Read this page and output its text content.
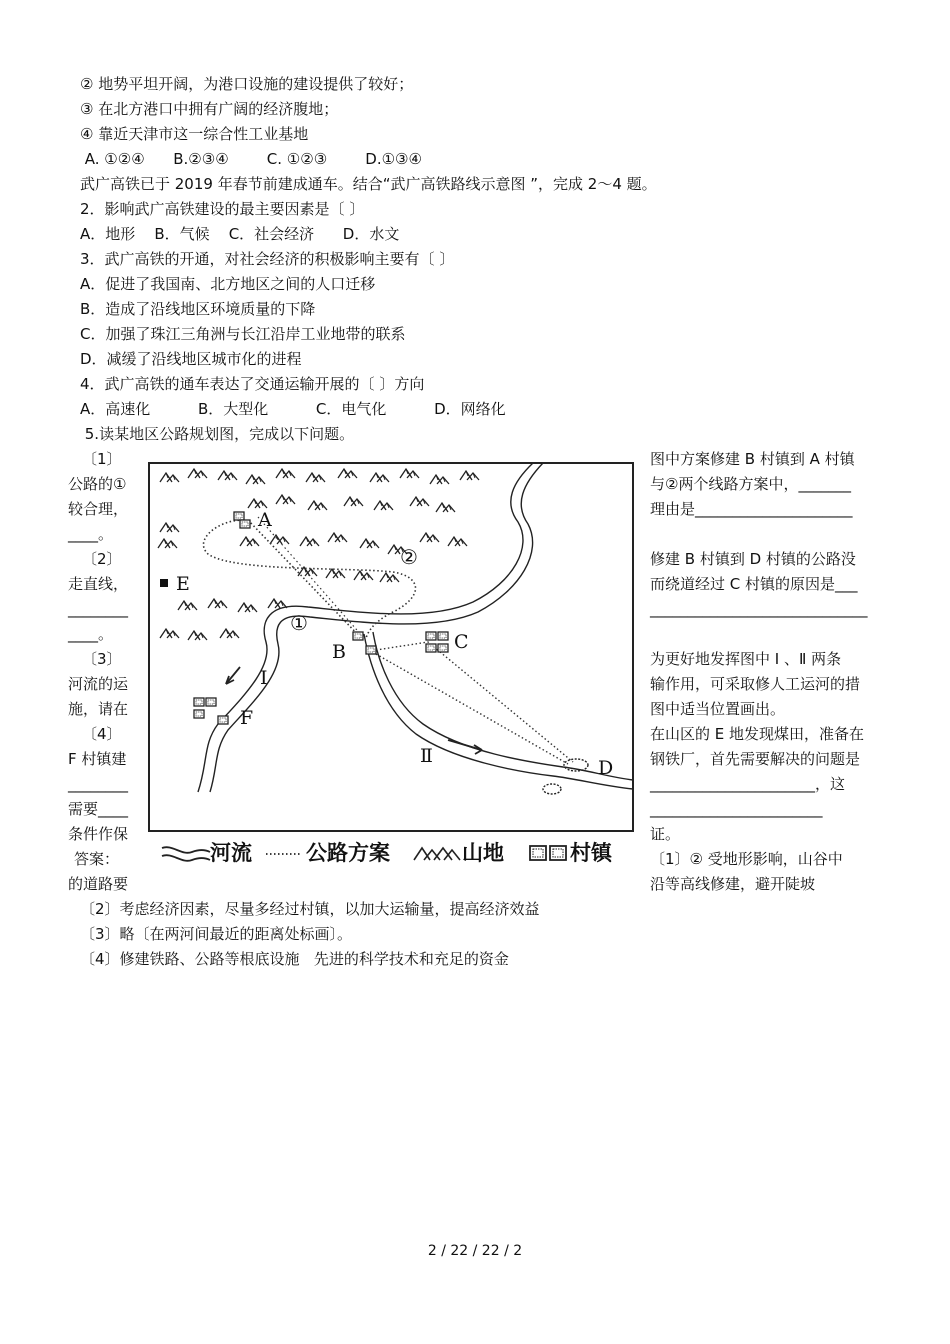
② 地势平坦开阔，为港口设施的建设提供了较好；
③ 在北方港口中拥有广阔的经济腹地；
④ 靠近天津市这一综合性工业基地
A. ①②④      B.②③④        C. ①②③        D.①③④
武广高铁已于 2019 年春节前建成通车。结合“武广高铁路线示意图 ”，完成 2～4 题。
2．影响武广高铁建设的最主要因素是〔 〕
A．地形    B．气候    C．社会经济      D．水文
3．武广高铁的开通，对社会经济的积极影响主要有〔 〕
A．促进了我国南、北方地区之间的人口迁移
B．造成了沿线地区环境质量的下降
C．加强了珠江三角洲与长江沿岸工业地带的联系
D．减缓了沿线地区城市化的进程
4．武广高铁的通车表达了交通运输开展的〔 〕方向
A．高速化          B．大型化          C．电气化          D．网络化
5.读某地区公路规划图，完成以下问题。
〔1〕
公路的①
较合理，
____。
〔2〕
走直线，
________
____。
〔3〕
河流的运
施，请在
〔4〕
F 村镇建
________
需要____
条件作保
答案：
的道路要
图中方案修建 B 村镇到 A 村镇
与②两个线路方案中，_______
理由是_____________________
修建 B 村镇到 D 村镇的公路没
而绕道经过 C 村镇的原因是___
_____________________________
为更好地发挥图中 Ⅰ 、Ⅱ 两条
输作用，可采取修人工运河的措
图中适当位置画出。
在山区的 E 地发现煤田，准备在
钢铁厂，首先需要解决的问题是
______________________，这
_______________________
证。
〔1〕② 受地形影响，山谷中
沿等高线修建，避开陡坡
〔2〕考虑经济因素，尽量多经过村镇，以加大运输量，提高经济效益
〔3〕略〔在两河间最近的距离处标画〕。
〔4〕修建铁路、公路等根底设施   先进的科学技术和充足的资金
A
B	C
D
E
F
Ⅰ
Ⅱ
①
②
河流	公路方案	山地	村镇
2 / 22 / 22 / 2
